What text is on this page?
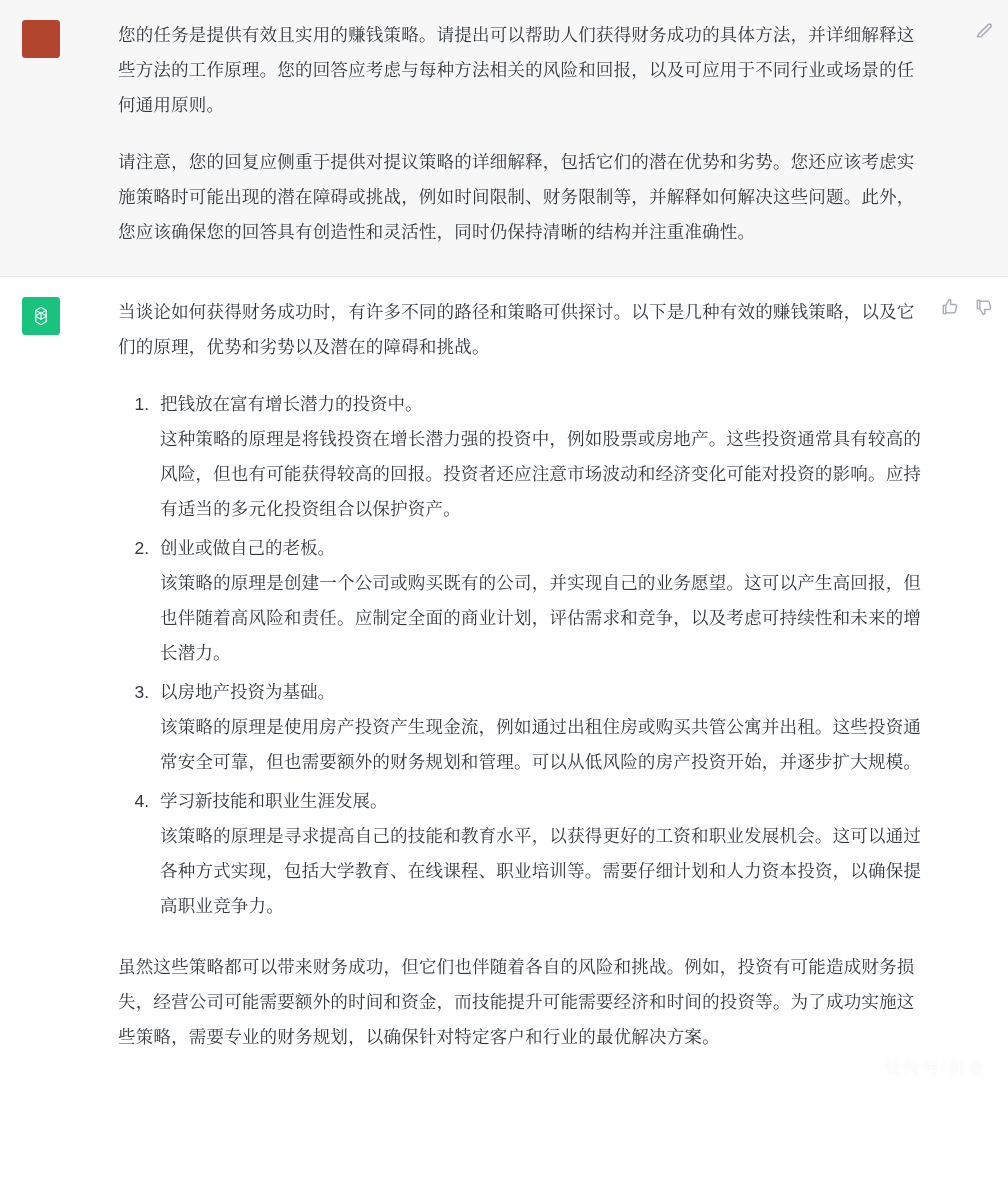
您的任务是提供有效且实用的赚钱策略。请提出可以帮助人们获得财务成功的具体方法，并详细解释这些方法的工作原理。您的回答应考虑与每种方法相关的风险和回报，以及可应用于不同行业或场景的任何通用原则。

请注意，您的回复应侧重于提供对提议策略的详细解释，包括它们的潜在优势和劣势。您还应该考虑实施策略时可能出现的潜在障碍或挑战，例如时间限制、财务限制等，并解释如何解决这些问题。此外，您应该确保您的回答具有创造性和灵活性，同时仍保持清晰的结构并注重准确性。

当谈论如何获得财务成功时，有许多不同的路径和策略可供探讨。以下是几种有效的赚钱策略，以及它们的原理，优势和劣势以及潜在的障碍和挑战。

1. 把钱放在富有增长潜力的投资中。
这种策略的原理是将钱投资在增长潜力强的投资中，例如股票或房地产。这些投资通常具有较高的风险，但也有可能获得较高的回报。投资者还应注意市场波动和经济变化可能对投资的影响。应持有适当的多元化投资组合以保护资产。
2. 创业或做自己的老板。
该策略的原理是创建一个公司或购买既有的公司，并实现自己的业务愿望。这可以产生高回报，但也伴随着高风险和责任。应制定全面的商业计划，评估需求和竞争，以及考虑可持续性和未来的增长潜力。
3. 以房地产投资为基础。
该策略的原理是使用房产投资产生现金流，例如通过出租住房或购买共管公寓并出租。这些投资通常安全可靠，但也需要额外的财务规划和管理。可以从低风险的房产投资开始，并逐步扩大规模。
4. 学习新技能和职业生涯发展。
该策略的原理是寻求提高自己的技能和教育水平，以获得更好的工资和职业发展机会。这可以通过各种方式实现，包括大学教育、在线课程、职业培训等。需要仔细计划和人力资本投资，以确保提高职业竞争力。

虽然这些策略都可以带来财务成功，但它们也伴随着各自的风险和挑战。例如，投资有可能造成财务损失，经营公司可能需要额外的时间和资金，而技能提升可能需要经济和时间的投资等。为了成功实施这些策略，需要专业的财务规划，以确保针对特定客户和行业的最优解决方案。

快传号/创业
